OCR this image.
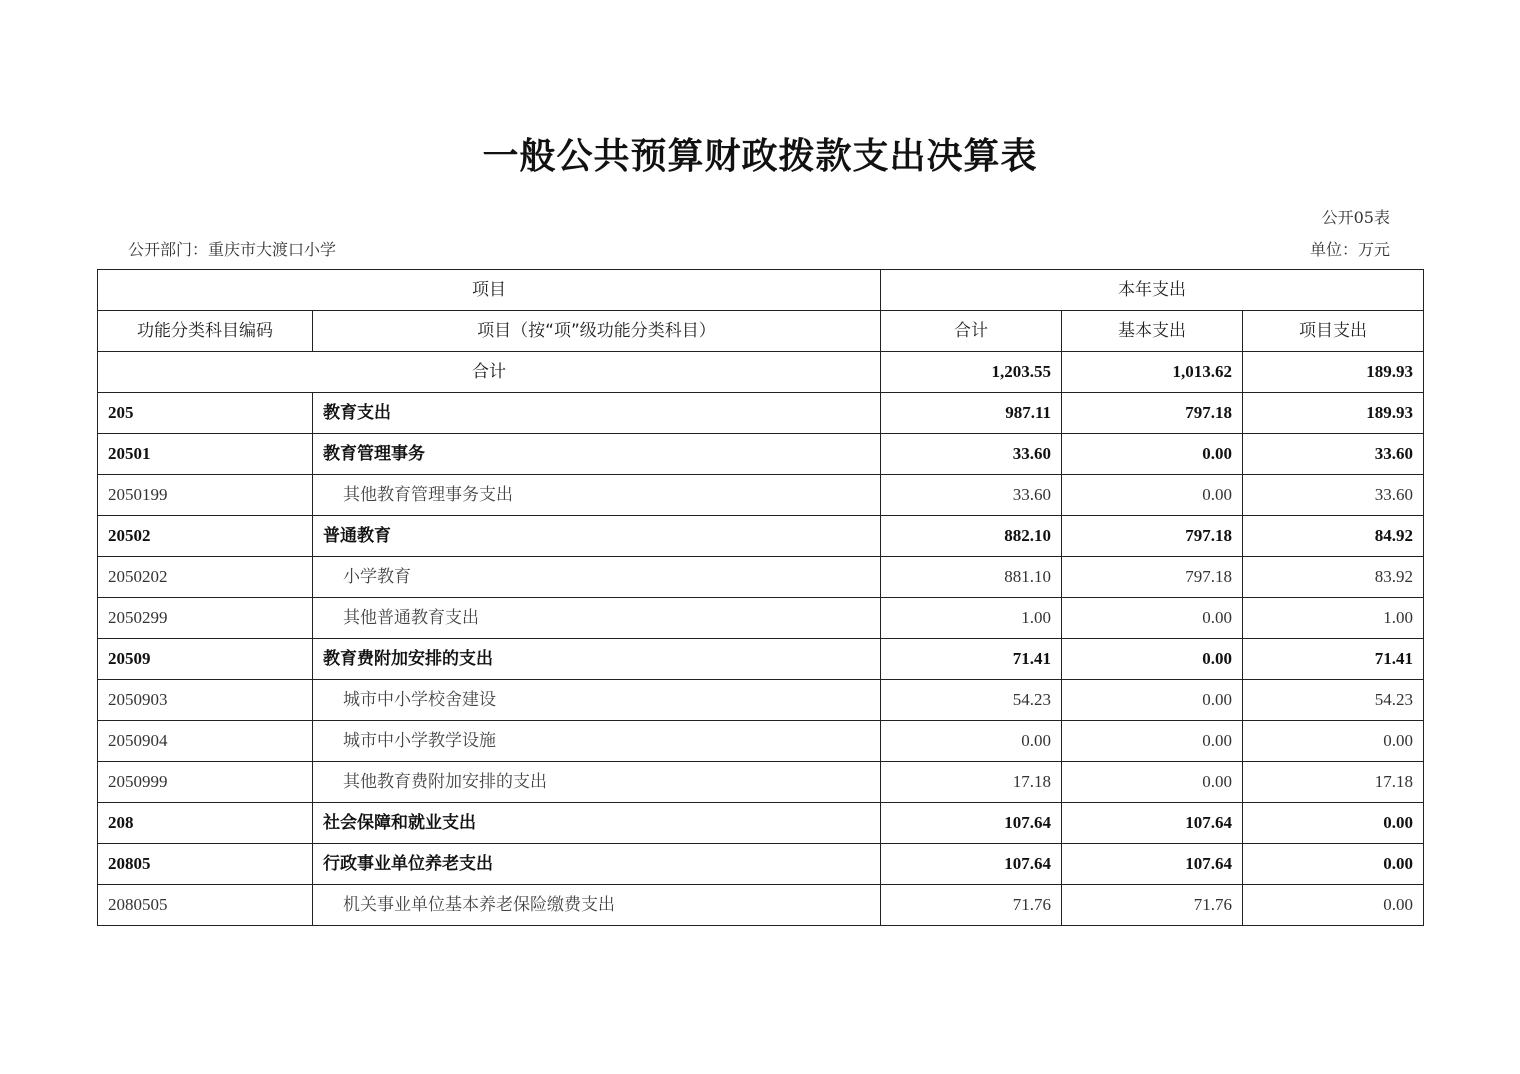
一般公共预算财政拨款支出决算表
公开05表
公开部门：重庆市大渡口小学	单位：万元
项目		本年支出		
功能分类科目编码	项目（按“项”级功能分类科目）	合计	基本支出	项目支出
合计		1,203.55	1,013.62	189.93
205	教育支出	987.11	797.18	189.93
20501	教育管理事务	33.60	0.00	33.60
2050199	其他教育管理事务支出	33.60	0.00	33.60
20502	普通教育	882.10	797.18	84.92
2050202	小学教育	881.10	797.18	83.92
2050299	其他普通教育支出	1.00	0.00	1.00
20509	教育费附加安排的支出	71.41	0.00	71.41
2050903	城市中小学校舍建设	54.23	0.00	54.23
2050904	城市中小学教学设施	0.00	0.00	0.00
2050999	其他教育费附加安排的支出	17.18	0.00	17.18
208	社会保障和就业支出	107.64	107.64	0.00
20805	行政事业单位养老支出	107.64	107.64	0.00
2080505	机关事业单位基本养老保险缴费支出	71.76	71.76	0.00
